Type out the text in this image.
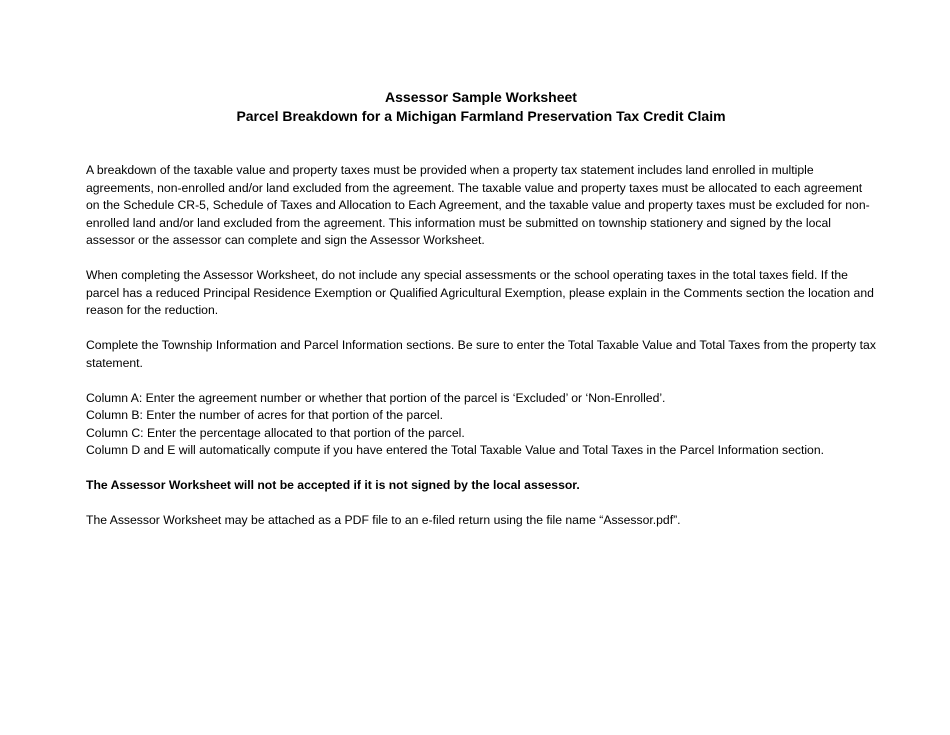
Assessor Sample Worksheet

Parcel Breakdown for a Michigan Farmland Preservation Tax Credit Claim

A breakdown of the taxable value and property taxes must be provided when a property tax statement includes land enrolled in multiple agreements, non-enrolled and/or land excluded from the agreement. The taxable value and property taxes must be allocated to each agreement on the Schedule CR-5, Schedule of Taxes and Allocation to Each Agreement, and the taxable value and property taxes must be excluded for non-enrolled land and/or land excluded from the agreement. This information must be submitted on township stationery and signed by the local assessor or the assessor can complete and sign the Assessor Worksheet.

When completing the Assessor Worksheet, do not include any special assessments or the school operating taxes in the total taxes field. If the parcel has a reduced Principal Residence Exemption or Qualified Agricultural Exemption, please explain in the Comments section the location and reason for the reduction.

Complete the Township Information and Parcel Information sections. Be sure to enter the Total Taxable Value and Total Taxes from the property tax statement.

Column A: Enter the agreement number or whether that portion of the parcel is ‘Excluded’ or ‘Non-Enrolled’.

Column B: Enter the number of acres for that portion of the parcel.

Column C: Enter the percentage allocated to that portion of the parcel.

Column D and E will automatically compute if you have entered the Total Taxable Value and Total Taxes in the Parcel Information section.

The Assessor Worksheet will not be accepted if it is not signed by the local assessor.

The Assessor Worksheet may be attached as a PDF file to an e-filed return using the file name “Assessor.pdf”.
